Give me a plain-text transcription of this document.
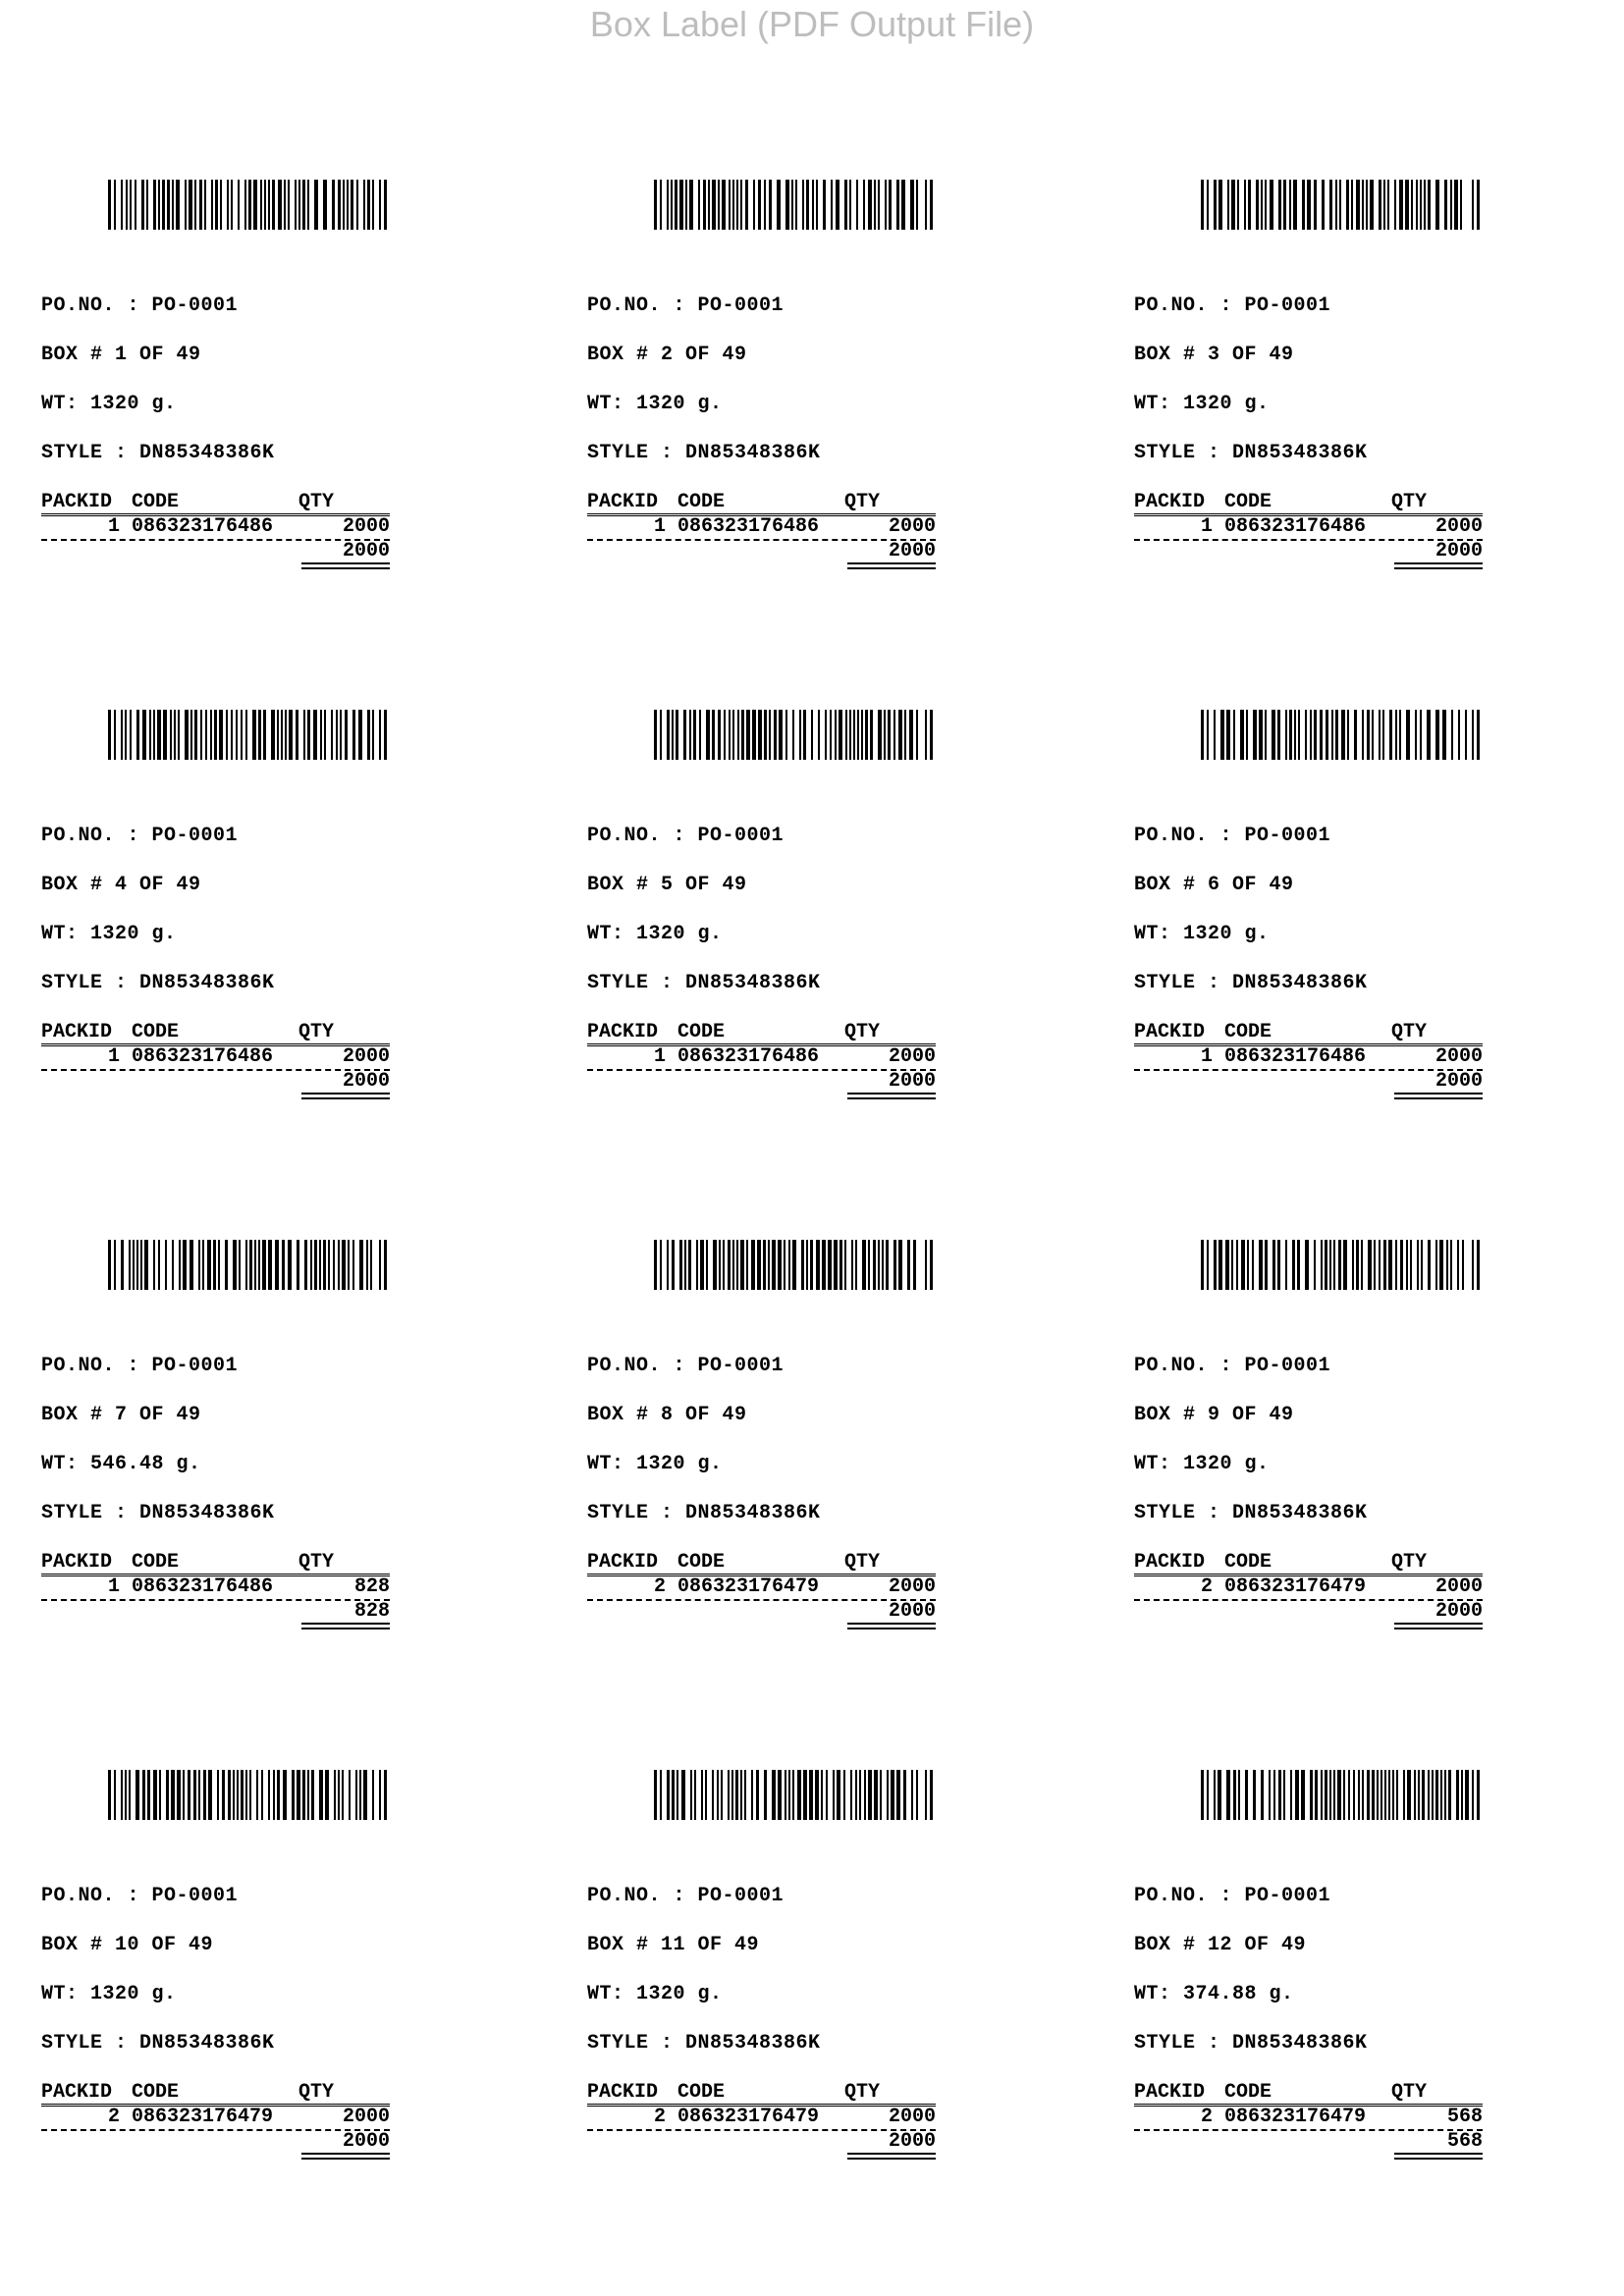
Box Label (PDF Output File)
PO.NO. : PO-0001
BOX # 1 OF 49
WT: 1320 g.
STYLE : DN85348386K
PACKID CODE	QTY
1 086323176486	2000
2000
PO.NO. : PO-0001
BOX # 2 OF 49
WT: 1320 g.
STYLE : DN85348386K
PACKID CODE	QTY
1 086323176486	2000
2000
PO.NO. : PO-0001
BOX # 3 OF 49
WT: 1320 g.
STYLE : DN85348386K
PACKID CODE	QTY
1 086323176486	2000
2000
PO.NO. : PO-0001
BOX # 4 OF 49
WT: 1320 g.
STYLE : DN85348386K
PACKID CODE	QTY
1 086323176486	2000
2000
PO.NO. : PO-0001
BOX # 5 OF 49
WT: 1320 g.
STYLE : DN85348386K
PACKID CODE	QTY
1 086323176486	2000
2000
PO.NO. : PO-0001
BOX # 6 OF 49
WT: 1320 g.
STYLE : DN85348386K
PACKID CODE	QTY
1 086323176486	2000
2000
PO.NO. : PO-0001
BOX # 7 OF 49
WT: 546.48 g.
STYLE : DN85348386K
PACKID CODE	QTY
1 086323176486	828
828
PO.NO. : PO-0001
BOX # 8 OF 49
WT: 1320 g.
STYLE : DN85348386K
PACKID CODE	QTY
2 086323176479	2000
2000
PO.NO. : PO-0001
BOX # 9 OF 49
WT: 1320 g.
STYLE : DN85348386K
PACKID CODE	QTY
2 086323176479	2000
2000
PO.NO. : PO-0001
BOX # 10 OF 49
WT: 1320 g.
STYLE : DN85348386K
PACKID CODE	QTY
2 086323176479	2000
2000
PO.NO. : PO-0001
BOX # 11 OF 49
WT: 1320 g.
STYLE : DN85348386K
PACKID CODE	QTY
2 086323176479	2000
2000
PO.NO. : PO-0001
BOX # 12 OF 49
WT: 374.88 g.
STYLE : DN85348386K
PACKID CODE	QTY
2 086323176479	568
568
